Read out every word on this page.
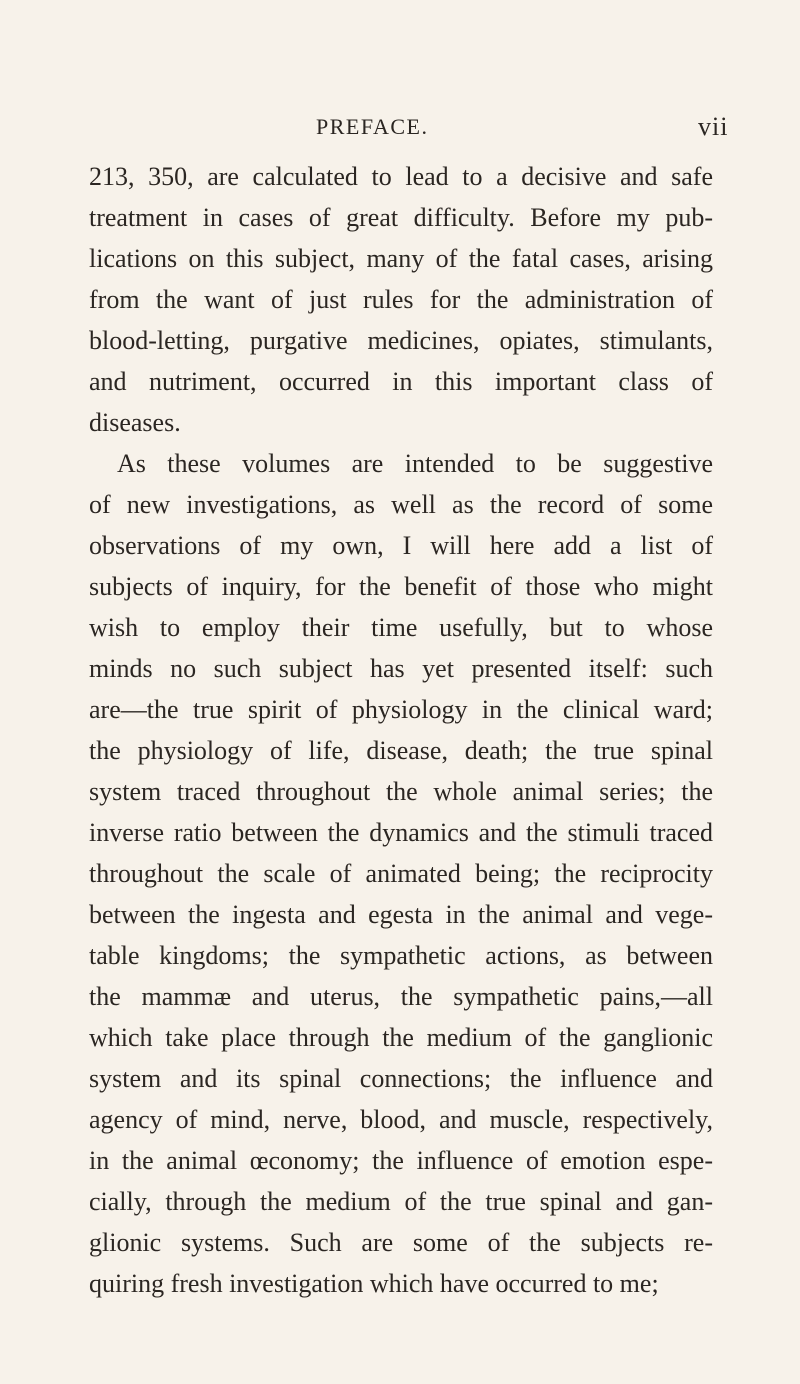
PREFACE.	vii
213, 350, are calculated to lead to a decisive and safe
treatment in cases of great difficulty. Before my pub-
lications on this subject, many of the fatal cases, arising
from the want of just rules for the administration of
blood-letting, purgative medicines, opiates, stimulants,
and nutriment, occurred in this important class of
diseases.
As these volumes are intended to be suggestive
of new investigations, as well as the record of some
observations of my own, I will here add a list of
subjects of inquiry, for the benefit of those who might
wish to employ their time usefully, but to whose
minds no such subject has yet presented itself: such
are—the true spirit of physiology in the clinical ward;
the physiology of life, disease, death; the true spinal
system traced throughout the whole animal series; the
inverse ratio between the dynamics and the stimuli traced
throughout the scale of animated being; the reciprocity
between the ingesta and egesta in the animal and vege-
table kingdoms; the sympathetic actions, as between
the mammæ and uterus, the sympathetic pains,—all
which take place through the medium of the ganglionic
system and its spinal connections; the influence and
agency of mind, nerve, blood, and muscle, respectively,
in the animal œconomy; the influence of emotion espe-
cially, through the medium of the true spinal and gan-
glionic systems. Such are some of the subjects re-
quiring fresh investigation which have occurred to me;
